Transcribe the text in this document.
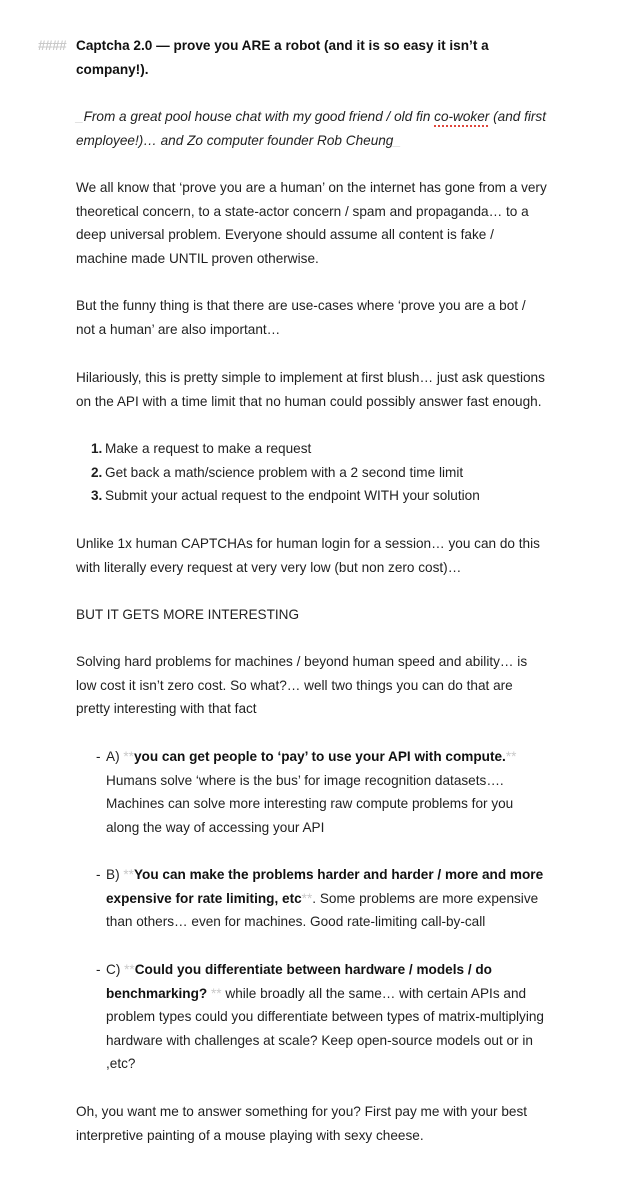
#### Captcha 2.0 — prove you ARE a robot (and it is so easy it isn’t a company!).
_From a great pool house chat with my good friend / old fin co-woker (and first employee!)… and Zo computer founder Rob Cheung_
We all know that ‘prove you are a human’ on the internet has gone from a very theoretical concern, to a state-actor concern / spam and propaganda… to a deep universal problem. Everyone should assume all content is fake / machine made UNTIL proven otherwise.
But the funny thing is that there are use-cases where ‘prove you are a bot / not a human’ are also important…
Hilariously, this is pretty simple to implement at first blush… just ask questions on the API with a time limit that no human could possibly answer fast enough.
1. Make a request to make a request
2. Get back a math/science problem with a 2 second time limit
3. Submit your actual request to the endpoint WITH your solution
Unlike 1x human CAPTCHAs for human login for a session… you can do this with literally every request at very very low (but non zero cost)…
BUT IT GETS MORE INTERESTING
Solving hard problems for machines / beyond human speed and ability… is low cost it isn’t zero cost. So what?… well two things you can do that are pretty interesting with that fact
- A) **you can get people to ‘pay’ to use your API with compute.** Humans solve ‘where is the bus’ for image recognition datasets…. Machines can solve more interesting raw compute problems for you along the way of accessing your API
- B) **You can make the problems harder and harder / more and more expensive for rate limiting, etc**. Some problems are more expensive than others… even for machines. Good rate-limiting call-by-call
- C) **Could you differentiate between hardware / models / do benchmarking? ** while broadly all the same… with certain APIs and problem types could you differentiate between types of matrix-multiplying hardware with challenges at scale? Keep open-source models out or in ,etc?
Oh, you want me to answer something for you? First pay me with your best interpretive painting of a mouse playing with sexy cheese.
